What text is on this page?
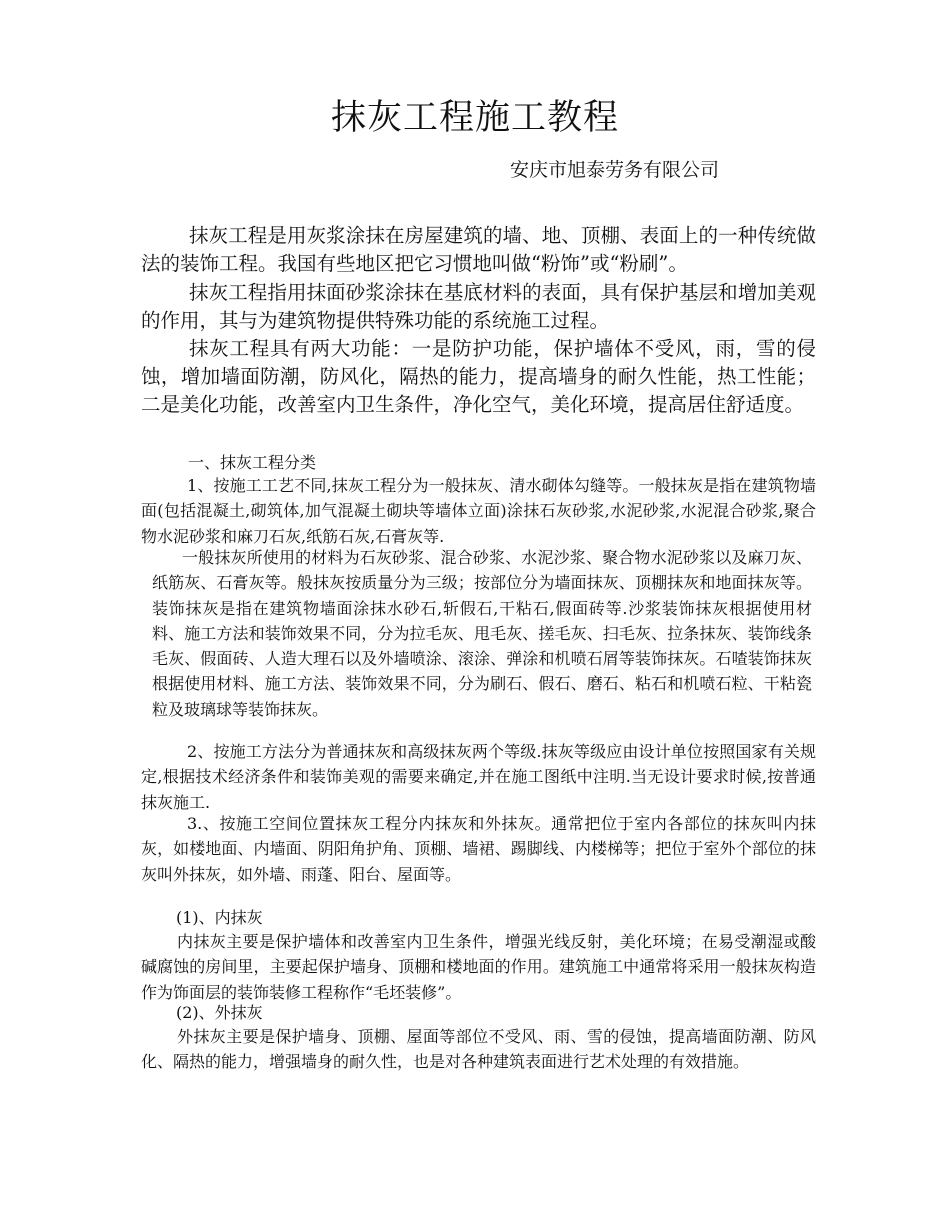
抹灰工程施工教程
安庆市旭泰劳务有限公司

抹灰工程是用灰浆涂抹在房屋建筑的墙、地、顶棚、表面上的一种传统做法的装饰工程。我国有些地区把它习惯地叫做“粉饰”或“粉刷”。

抹灰工程指用抹面砂浆涂抹在基底材料的表面，具有保护基层和增加美观的作用，其与为建筑物提供特殊功能的系统施工过程。

抹灰工程具有两大功能：一是防护功能，保护墙体不受风，雨，雪的侵蚀，增加墙面防潮，防风化，隔热的能力，提高墙身的耐久性能，热工性能；二是美化功能，改善室内卫生条件，净化空气，美化环境，提高居住舒适度。

一、抹灰工程分类

1、按施工工艺不同,抹灰工程分为一般抹灰、清水砌体勾缝等。一般抹灰是指在建筑物墙面(包括混凝土,砌筑体,加气混凝土砌块等墙体立面)涂抹石灰砂浆,水泥砂浆,水泥混合砂浆,聚合物水泥砂浆和麻刀石灰,纸筋石灰,石膏灰等.

一般抹灰所使用的材料为石灰砂浆、混合砂浆、水泥沙浆、聚合物水泥砂浆以及麻刀灰、纸筋灰、石膏灰等。般抹灰按质量分为三级；按部位分为墙面抹灰、顶棚抹灰和地面抹灰等。装饰抹灰是指在建筑物墙面涂抹水砂石,斩假石,干粘石,假面砖等.沙浆装饰抹灰根据使用材料、施工方法和装饰效果不同，分为拉毛灰、甩毛灰、搓毛灰、扫毛灰、拉条抹灰、装饰线条毛灰、假面砖、人造大理石以及外墙喷涂、滚涂、弹涂和机喷石屑等装饰抹灰。石喳装饰抹灰根据使用材料、施工方法、装饰效果不同，分为刷石、假石、磨石、粘石和机喷石粒、干粘瓷粒及玻璃球等装饰抹灰。

2、按施工方法分为普通抹灰和高级抹灰两个等级.抹灰等级应由设计单位按照国家有关规定,根据技术经济条件和装饰美观的需要来确定,并在施工图纸中注明.当无设计要求时候,按普通抹灰施工.

3.、按施工空间位置抹灰工程分内抹灰和外抹灰。通常把位于室内各部位的抹灰叫内抹灰，如楼地面、内墙面、阴阳角护角、顶棚、墙裙、踢脚线、内楼梯等；把位于室外个部位的抹灰叫外抹灰，如外墙、雨蓬、阳台、屋面等。

(1)、内抹灰

内抹灰主要是保护墙体和改善室内卫生条件，增强光线反射，美化环境；在易受潮湿或酸碱腐蚀的房间里，主要起保护墙身、顶棚和楼地面的作用。建筑施工中通常将采用一般抹灰构造作为饰面层的装饰装修工程称作“毛坯装修”。

(2)、外抹灰

外抹灰主要是保护墙身、顶棚、屋面等部位不受风、雨、雪的侵蚀，提高墙面防潮、防风化、隔热的能力，增强墙身的耐久性，也是对各种建筑表面进行艺术处理的有效措施。
